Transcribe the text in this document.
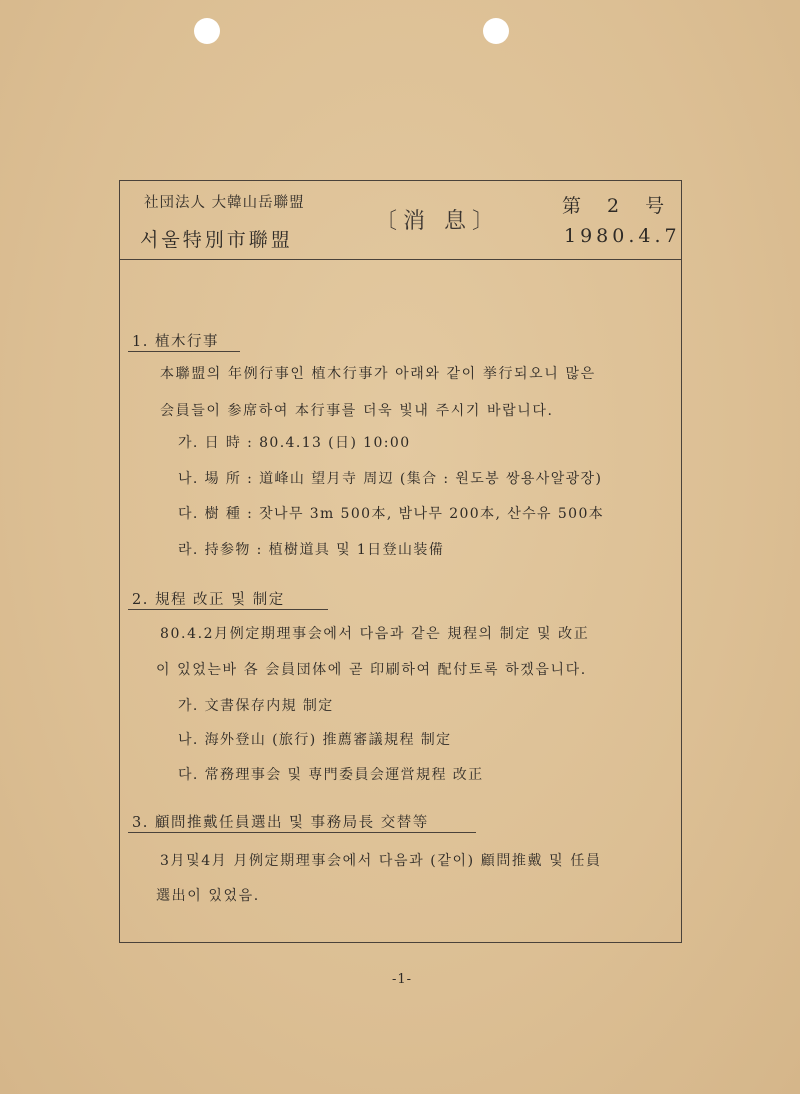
社団法人 大韓山岳聯盟
서울特別市聯盟
〔消 息〕
第 2 号
1980.4.7
1. 植木行事
本聯盟의 年例行事인 植木行事가 아래와 같이 挙行되오니 많은
会員들이 参席하여 本行事를 더욱 빛내 주시기 바랍니다.
가. 日 時 : 80.4.13 (日) 10:00
나. 場 所 : 道峰山 望月寺 周辺 (集合 : 원도봉 쌍용사알광장)
다. 樹 種 : 잣나무 3m 500本, 밤나무 200本, 산수유 500本
라. 持参物 : 植樹道具 및 1日登山装備
2. 規程 改正 및 制定
80.4.2月例定期理事会에서 다음과 같은 規程의 制定 및 改正
이 있었는바 各 会員団体에 곧 印刷하여 配付토록 하겠읍니다.
가. 文書保存内規 制定
나. 海外登山 (旅行) 推薦審議規程 制定
다. 常務理事会 및 専門委員会運営規程 改正
3. 顧問推戴任員選出 및 事務局長 交替等
3月및4月 月例定期理事会에서 다음과 (같이) 顧問推戴 및 任員
選出이 있었음.
-1-
